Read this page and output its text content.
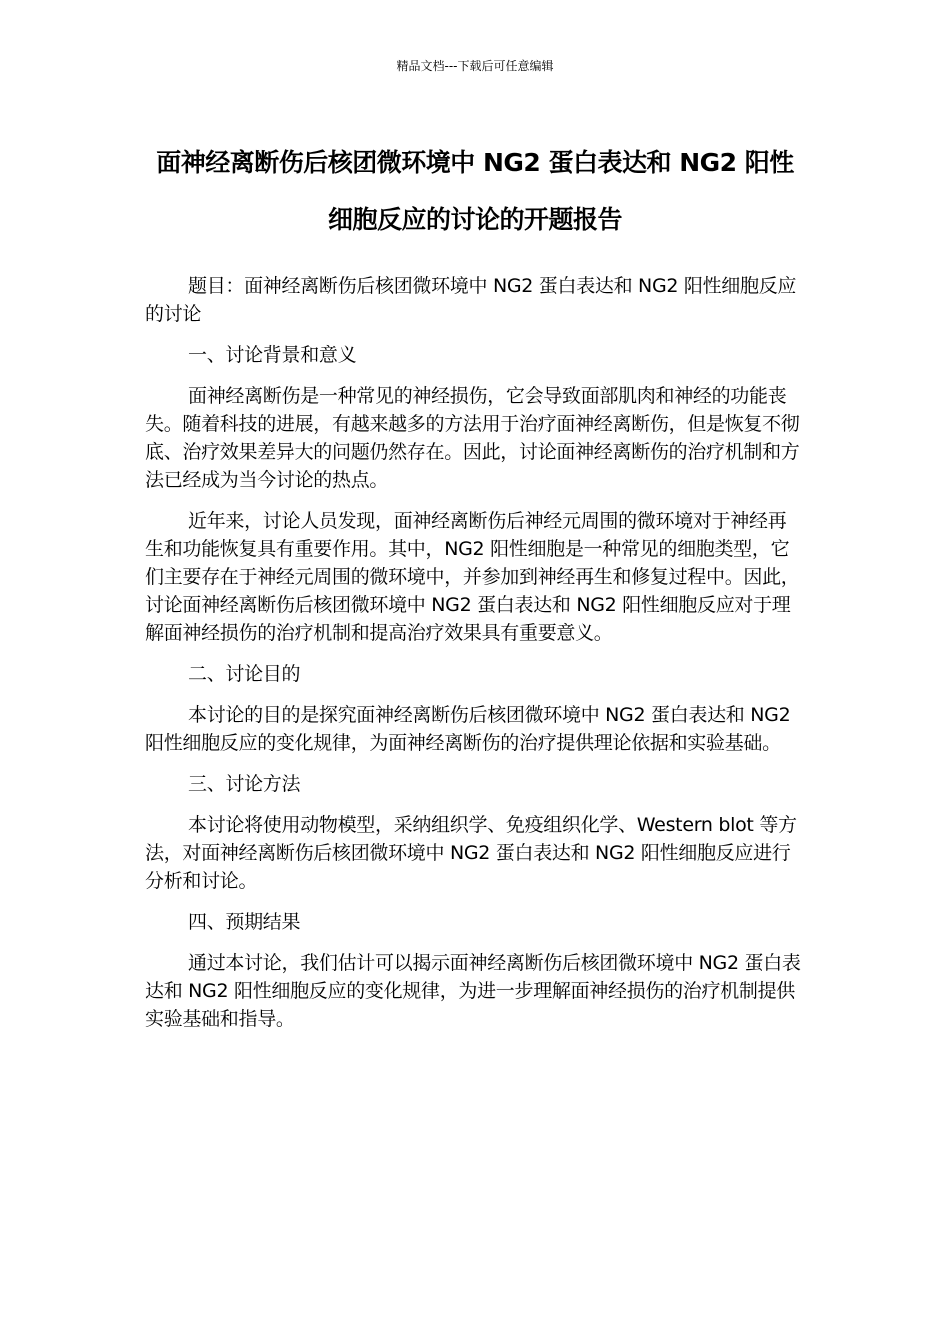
精品文档---下载后可任意编辑
面神经离断伤后核团微环境中 NG2 蛋白表达和 NG2 阳性细胞反应的讨论的开题报告

题目：面神经离断伤后核团微环境中 NG2 蛋白表达和 NG2 阳性细胞反应的讨论

一、讨论背景和意义

面神经离断伤是一种常见的神经损伤，它会导致面部肌肉和神经的功能丧失。随着科技的进展，有越来越多的方法用于治疗面神经离断伤，但是恢复不彻底、治疗效果差异大的问题仍然存在。因此，讨论面神经离断伤的治疗机制和方法已经成为当今讨论的热点。

近年来，讨论人员发现，面神经离断伤后神经元周围的微环境对于神经再生和功能恢复具有重要作用。其中，NG2 阳性细胞是一种常见的细胞类型，它们主要存在于神经元周围的微环境中，并参加到神经再生和修复过程中。因此，讨论面神经离断伤后核团微环境中 NG2 蛋白表达和 NG2 阳性细胞反应对于理解面神经损伤的治疗机制和提高治疗效果具有重要意义。

二、讨论目的

本讨论的目的是探究面神经离断伤后核团微环境中 NG2 蛋白表达和 NG2 阳性细胞反应的变化规律，为面神经离断伤的治疗提供理论依据和实验基础。

三、讨论方法

本讨论将使用动物模型，采纳组织学、免疫组织化学、Western blot 等方法，对面神经离断伤后核团微环境中 NG2 蛋白表达和 NG2 阳性细胞反应进行分析和讨论。

四、预期结果

通过本讨论，我们估计可以揭示面神经离断伤后核团微环境中 NG2 蛋白表达和 NG2 阳性细胞反应的变化规律，为进一步理解面神经损伤的治疗机制提供实验基础和指导。
